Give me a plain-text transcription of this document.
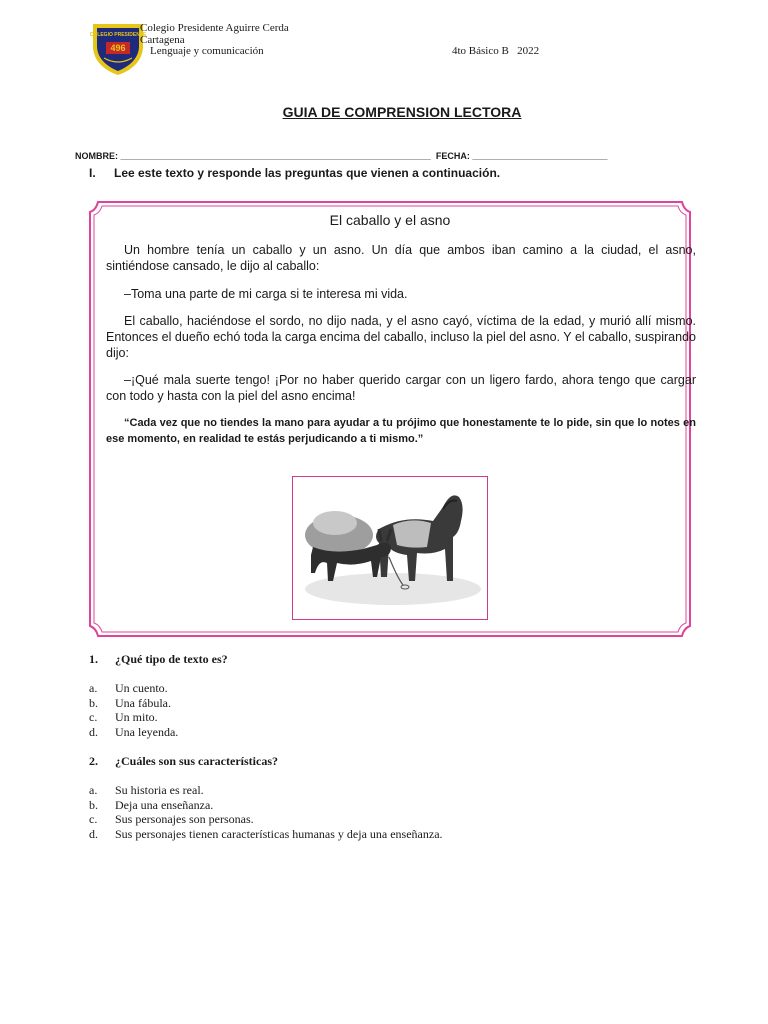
COLEGIO PRESIDENTE
496
Colegio Presidente Aguirre Cerda
Cartagena
Lenguaje y comunicación	4to Básico B   2022
GUIA DE COMPRENSION LECTORA
NOMBRE: ______________________________________________________________ FECHA: ___________________________
I. Lee este texto y responde las preguntas que vienen a continuación.
El caballo y el asno
Un hombre tenía un caballo y un asno. Un día que ambos iban camino a la ciudad, el asno, sintiéndose cansado, le dijo al caballo:
–Toma una parte de mi carga si te interesa mi vida.
El caballo, haciéndose el sordo, no dijo nada, y el asno cayó, víctima de la edad, y murió allí mismo. Entonces el dueño echó toda la carga encima del caballo, incluso la piel del asno. Y el caballo, suspirando dijo:
–¡Qué mala suerte tengo! ¡Por no haber querido cargar con un ligero fardo, ahora tengo que cargar con todo y hasta con la piel del asno encima!
“Cada vez que no tiendes la mano para ayudar a tu prójimo que honestamente te lo pide, sin que lo notes en ese momento, en realidad te estás perjudicando a ti mismo.”
1. ¿Qué tipo de texto es?
a. Un cuento.
b. Una fábula.
c. Un mito.
d. Una leyenda.
2. ¿Cuáles son sus características?
a. Su historia es real.
b. Deja una enseñanza.
c. Sus personajes son personas.
d. Sus personajes tienen características humanas y deja una enseñanza.
